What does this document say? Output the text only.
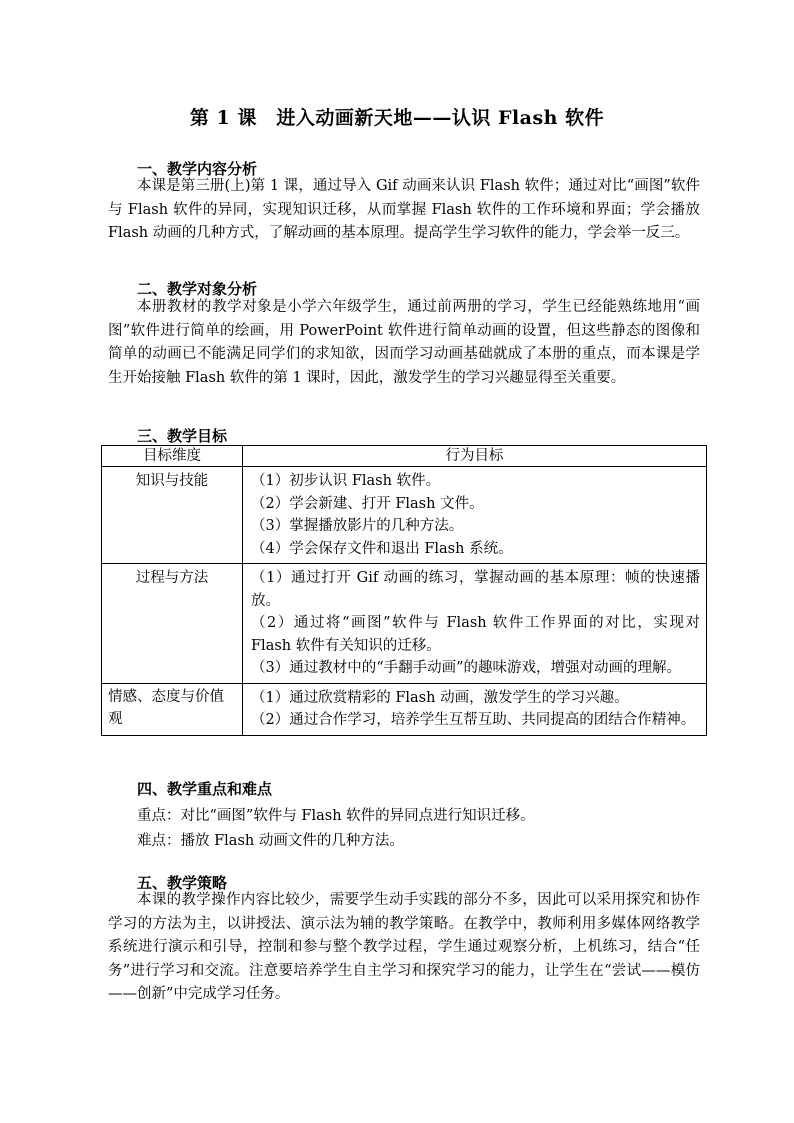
第 1 课　进入动画新天地——认识 Flash 软件
一、教学内容分析
本课是第三册(上)第 1 课，通过导入 Gif 动画来认识 Flash 软件；通过对比“画图”软件与 Flash 软件的异同，实现知识迁移，从而掌握 Flash 软件的工作环境和界面；学会播放 Flash 动画的几种方式，了解动画的基本原理。提高学生学习软件的能力，学会举一反三。
二、教学对象分析
本册教材的教学对象是小学六年级学生，通过前两册的学习，学生已经能熟练地用“画图”软件进行简单的绘画，用 PowerPoint 软件进行简单动画的设置，但这些静态的图像和简单的动画已不能满足同学们的求知欲，因而学习动画基础就成了本册的重点，而本课是学生开始接触 Flash 软件的第 1 课时，因此，激发学生的学习兴趣显得至关重要。
三、教学目标
目标维度	行为目标
知识与技能	（1）初步认识 Flash 软件。
（2）学会新建、打开 Flash 文件。
（3）掌握播放影片的几种方法。
（4）学会保存文件和退出 Flash 系统。

过程与方法	（1）通过打开 Gif 动画的练习，掌握动画的基本原理：帧的快速播放。
（2）通过将“画图”软件与 Flash 软件工作界面的对比，实现对 Flash 软件有关知识的迁移。
（3）通过教材中的“手翻手动画”的趣味游戏，增强对动画的理解。

情感、态度与价值观	（1）通过欣赏精彩的 Flash 动画，激发学生的学习兴趣。
（2）通过合作学习，培养学生互帮互助、共同提高的团结合作精神。
四、教学重点和难点
重点：对比“画图”软件与 Flash 软件的异同点进行知识迁移。
难点：播放 Flash 动画文件的几种方法。
五、教学策略
本课的教学操作内容比较少，需要学生动手实践的部分不多，因此可以采用探究和协作学习的方法为主，以讲授法、演示法为辅的教学策略。在教学中，教师利用多媒体网络教学系统进行演示和引导，控制和参与整个教学过程，学生通过观察分析，上机练习，结合“任务”进行学习和交流。注意要培养学生自主学习和探究学习的能力，让学生在“尝试——模仿——创新”中完成学习任务。
